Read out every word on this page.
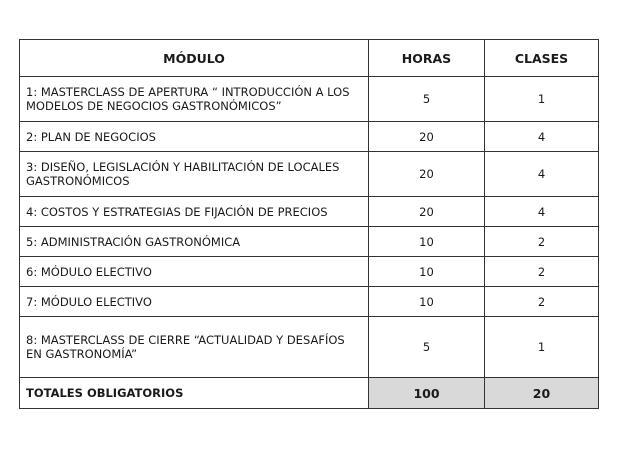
MÓDULO	HORAS	CLASES
1: MASTERCLASS DE APERTURA “ INTRODUCCIÓN A LOS MODELOS DE NEGOCIOS GASTRONÓMICOS”	5	1
2: PLAN DE NEGOCIOS	20	4
3: DISEÑO, LEGISLACIÓN Y HABILITACIÓN DE LOCALES GASTRONÓMICOS	20	4
4: COSTOS Y ESTRATEGIAS DE FIJACIÓN DE PRECIOS	20	4
5: ADMINISTRACIÓN GASTRONÓMICA	10	2
6: MÓDULO ELECTIVO	10	2
7: MÓDULO ELECTIVO	10	2
8: MASTERCLASS DE CIERRE “ACTUALIDAD Y DESAFÍOS EN GASTRONOMÍA”	5	1
TOTALES OBLIGATORIOS	100	20
